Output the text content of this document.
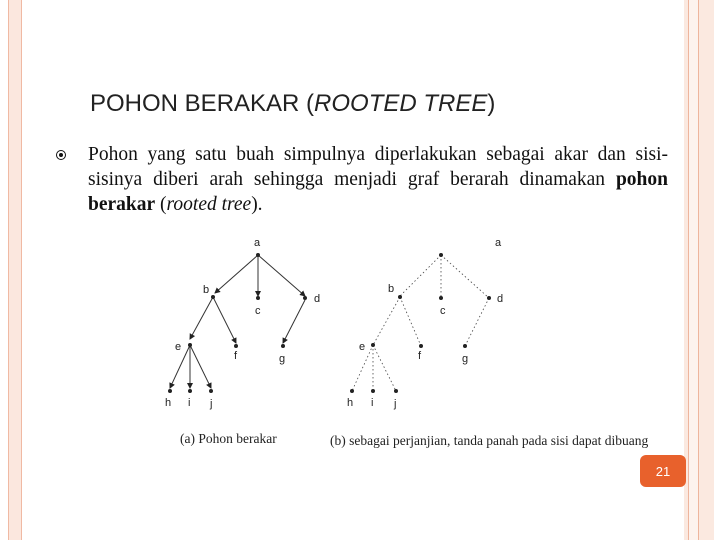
POHON BERAKAR (ROOTED TREE)
Pohon yang satu buah simpulnya diperlakukan sebagai akar dan sisi-sisinya diberi arah sehingga menjadi graf berarah dinamakan pohon berakar (rooted tree).
a
b
c
d
e
f	g
h i j
a
b
c
d
e
f	g
h i j
(a) Pohon berakar	(b) sebagai perjanjian, tanda panah pada sisi dapat dibuang
21
